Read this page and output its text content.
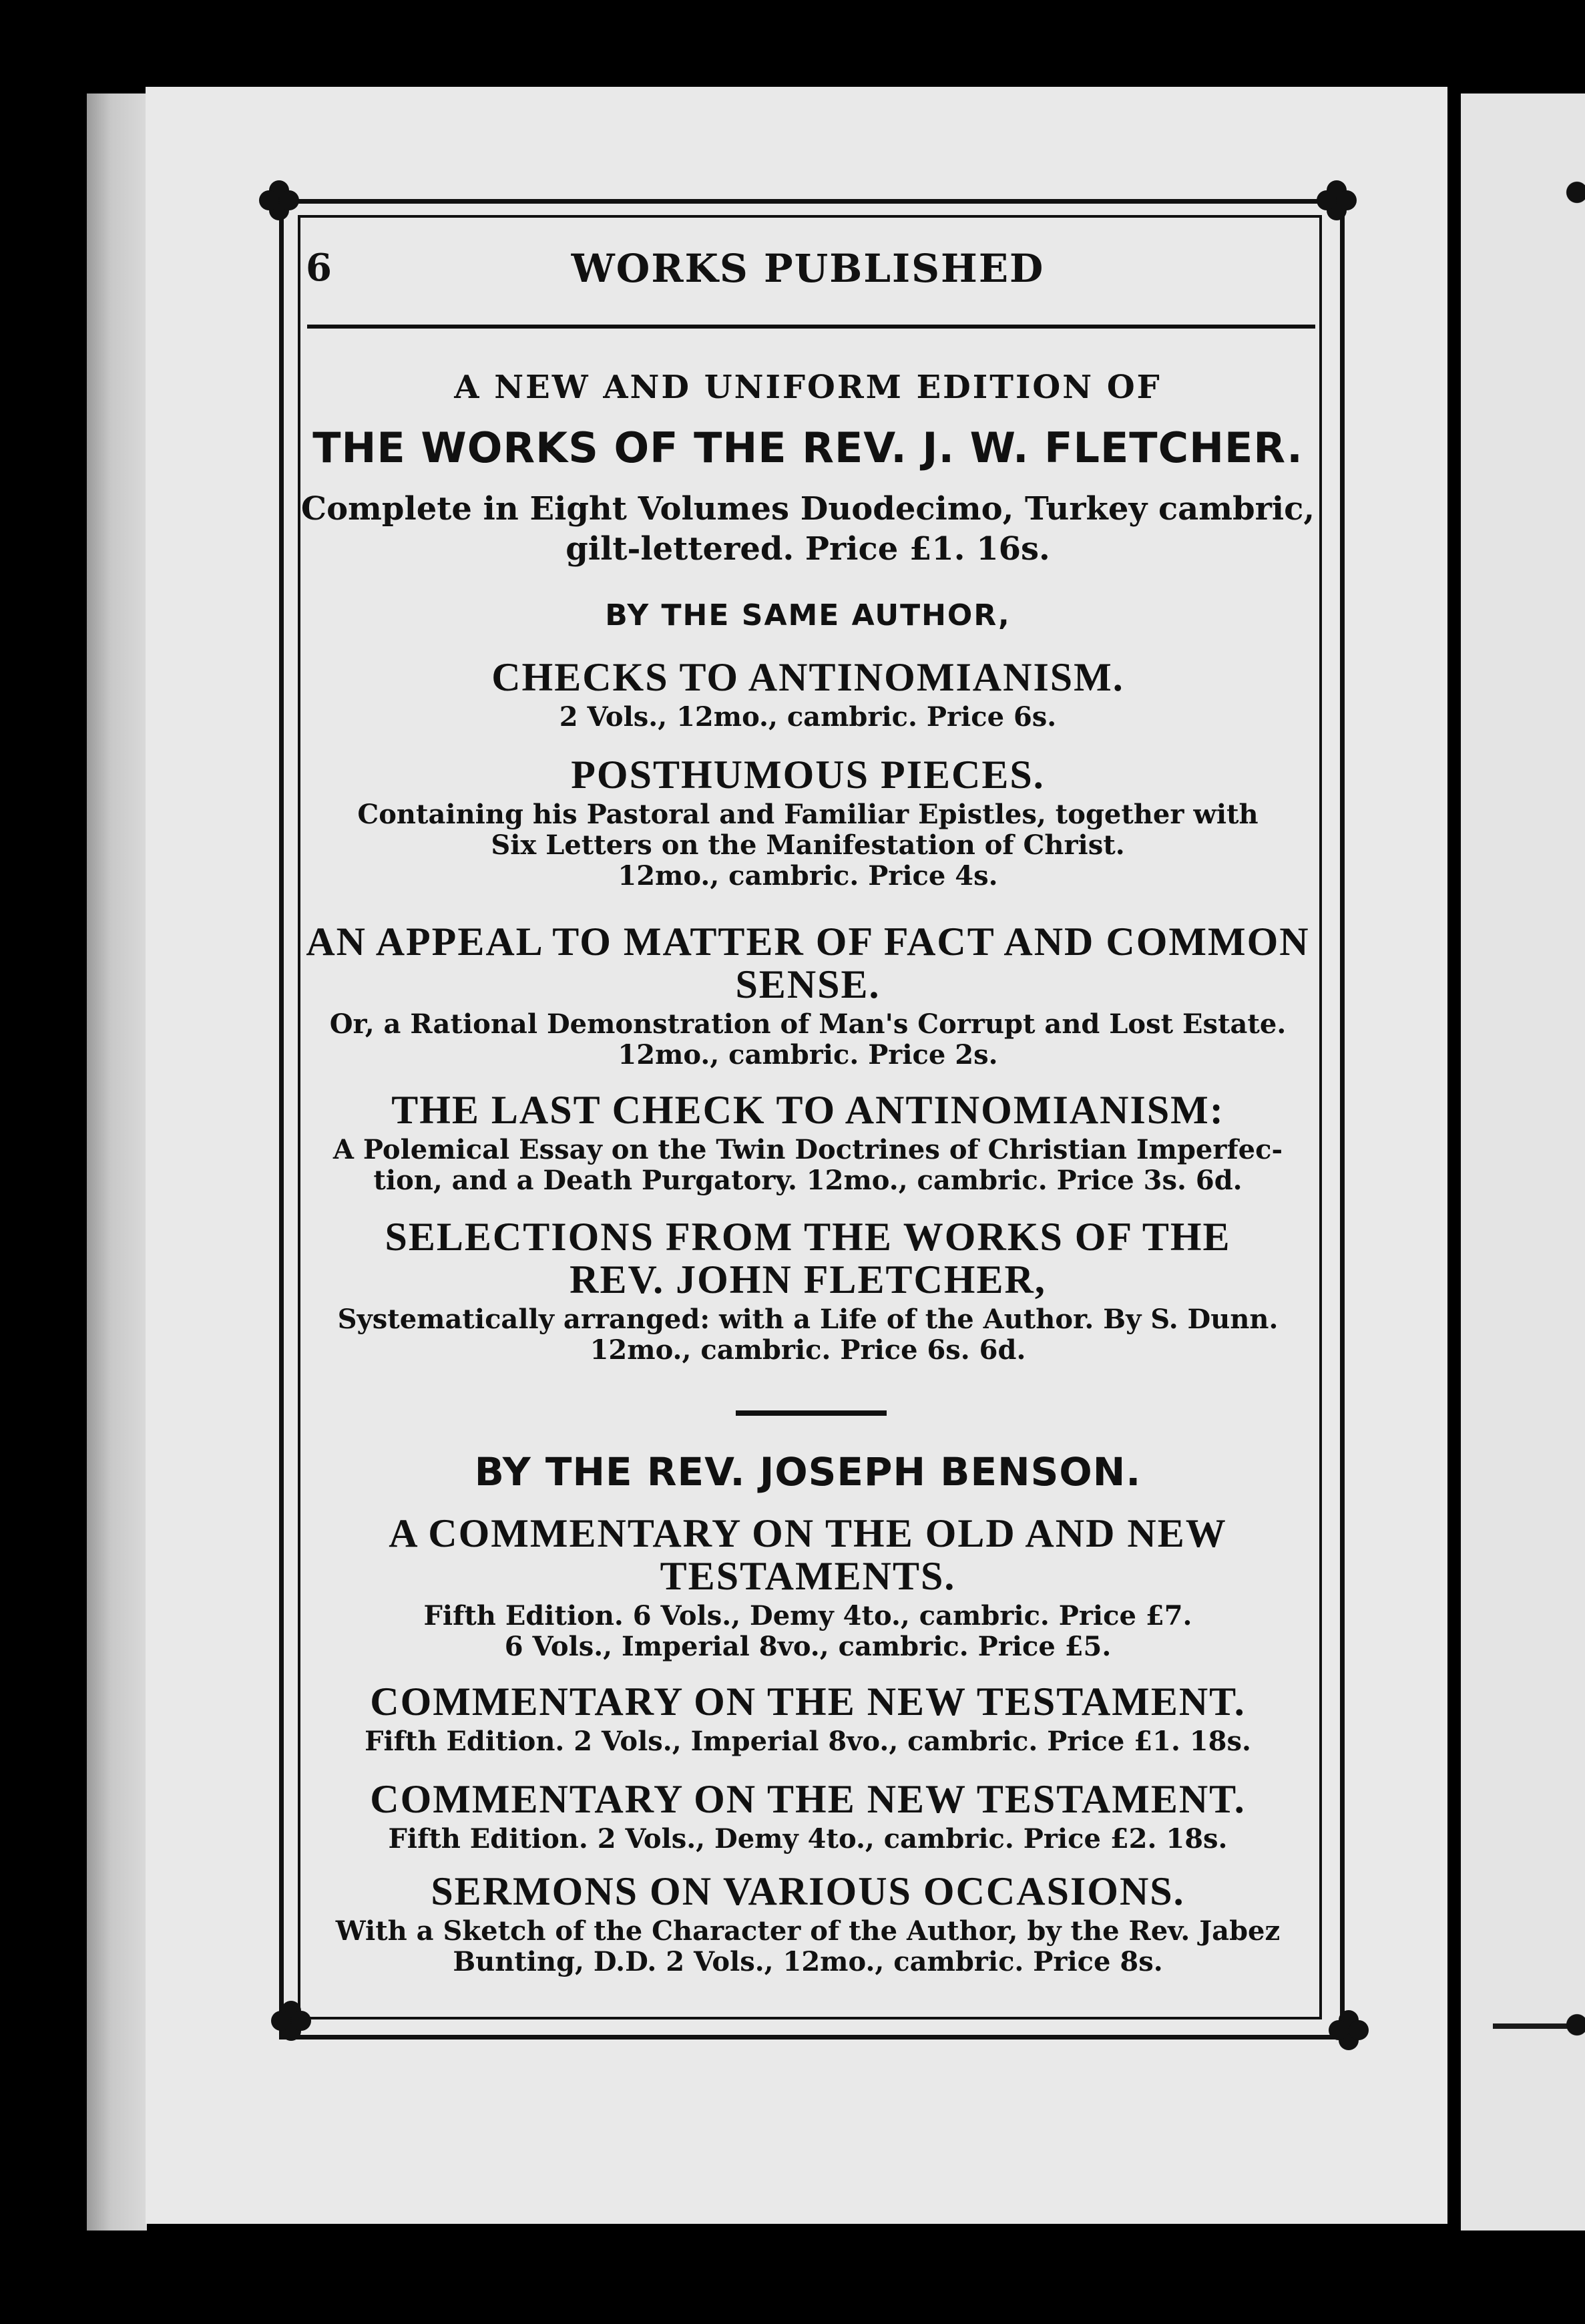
6	WORKS PUBLISHED
A NEW AND UNIFORM EDITION OF
THE WORKS OF THE REV. J. W. FLETCHER.
Complete in Eight Volumes Duodecimo, Turkey cambric,
gilt-lettered. Price £1. 16s.
BY THE SAME AUTHOR,
CHECKS TO ANTINOMIANISM.
2 Vols., 12mo., cambric. Price 6s.
POSTHUMOUS PIECES.
Containing his Pastoral and Familiar Epistles, together with
Six Letters on the Manifestation of Christ.
12mo., cambric. Price 4s.
AN APPEAL TO MATTER OF FACT AND COMMON
SENSE.
Or, a Rational Demonstration of Man's Corrupt and Lost Estate.
12mo., cambric. Price 2s.
THE LAST CHECK TO ANTINOMIANISM:
A Polemical Essay on the Twin Doctrines of Christian Imperfec-
tion, and a Death Purgatory. 12mo., cambric. Price 3s. 6d.
SELECTIONS FROM THE WORKS OF THE
REV. JOHN FLETCHER,
Systematically arranged: with a Life of the Author. By S. Dunn.
12mo., cambric. Price 6s. 6d.
BY THE REV. JOSEPH BENSON.
A COMMENTARY ON THE OLD AND NEW
TESTAMENTS.
Fifth Edition. 6 Vols., Demy 4to., cambric. Price £7.
6 Vols., Imperial 8vo., cambric. Price £5.
COMMENTARY ON THE NEW TESTAMENT.
Fifth Edition. 2 Vols., Imperial 8vo., cambric. Price £1. 18s.
COMMENTARY ON THE NEW TESTAMENT.
Fifth Edition. 2 Vols., Demy 4to., cambric. Price £2. 18s.
SERMONS ON VARIOUS OCCASIONS.
With a Sketch of the Character of the Author, by the Rev. Jabez
Bunting, D.D. 2 Vols., 12mo., cambric. Price 8s.
